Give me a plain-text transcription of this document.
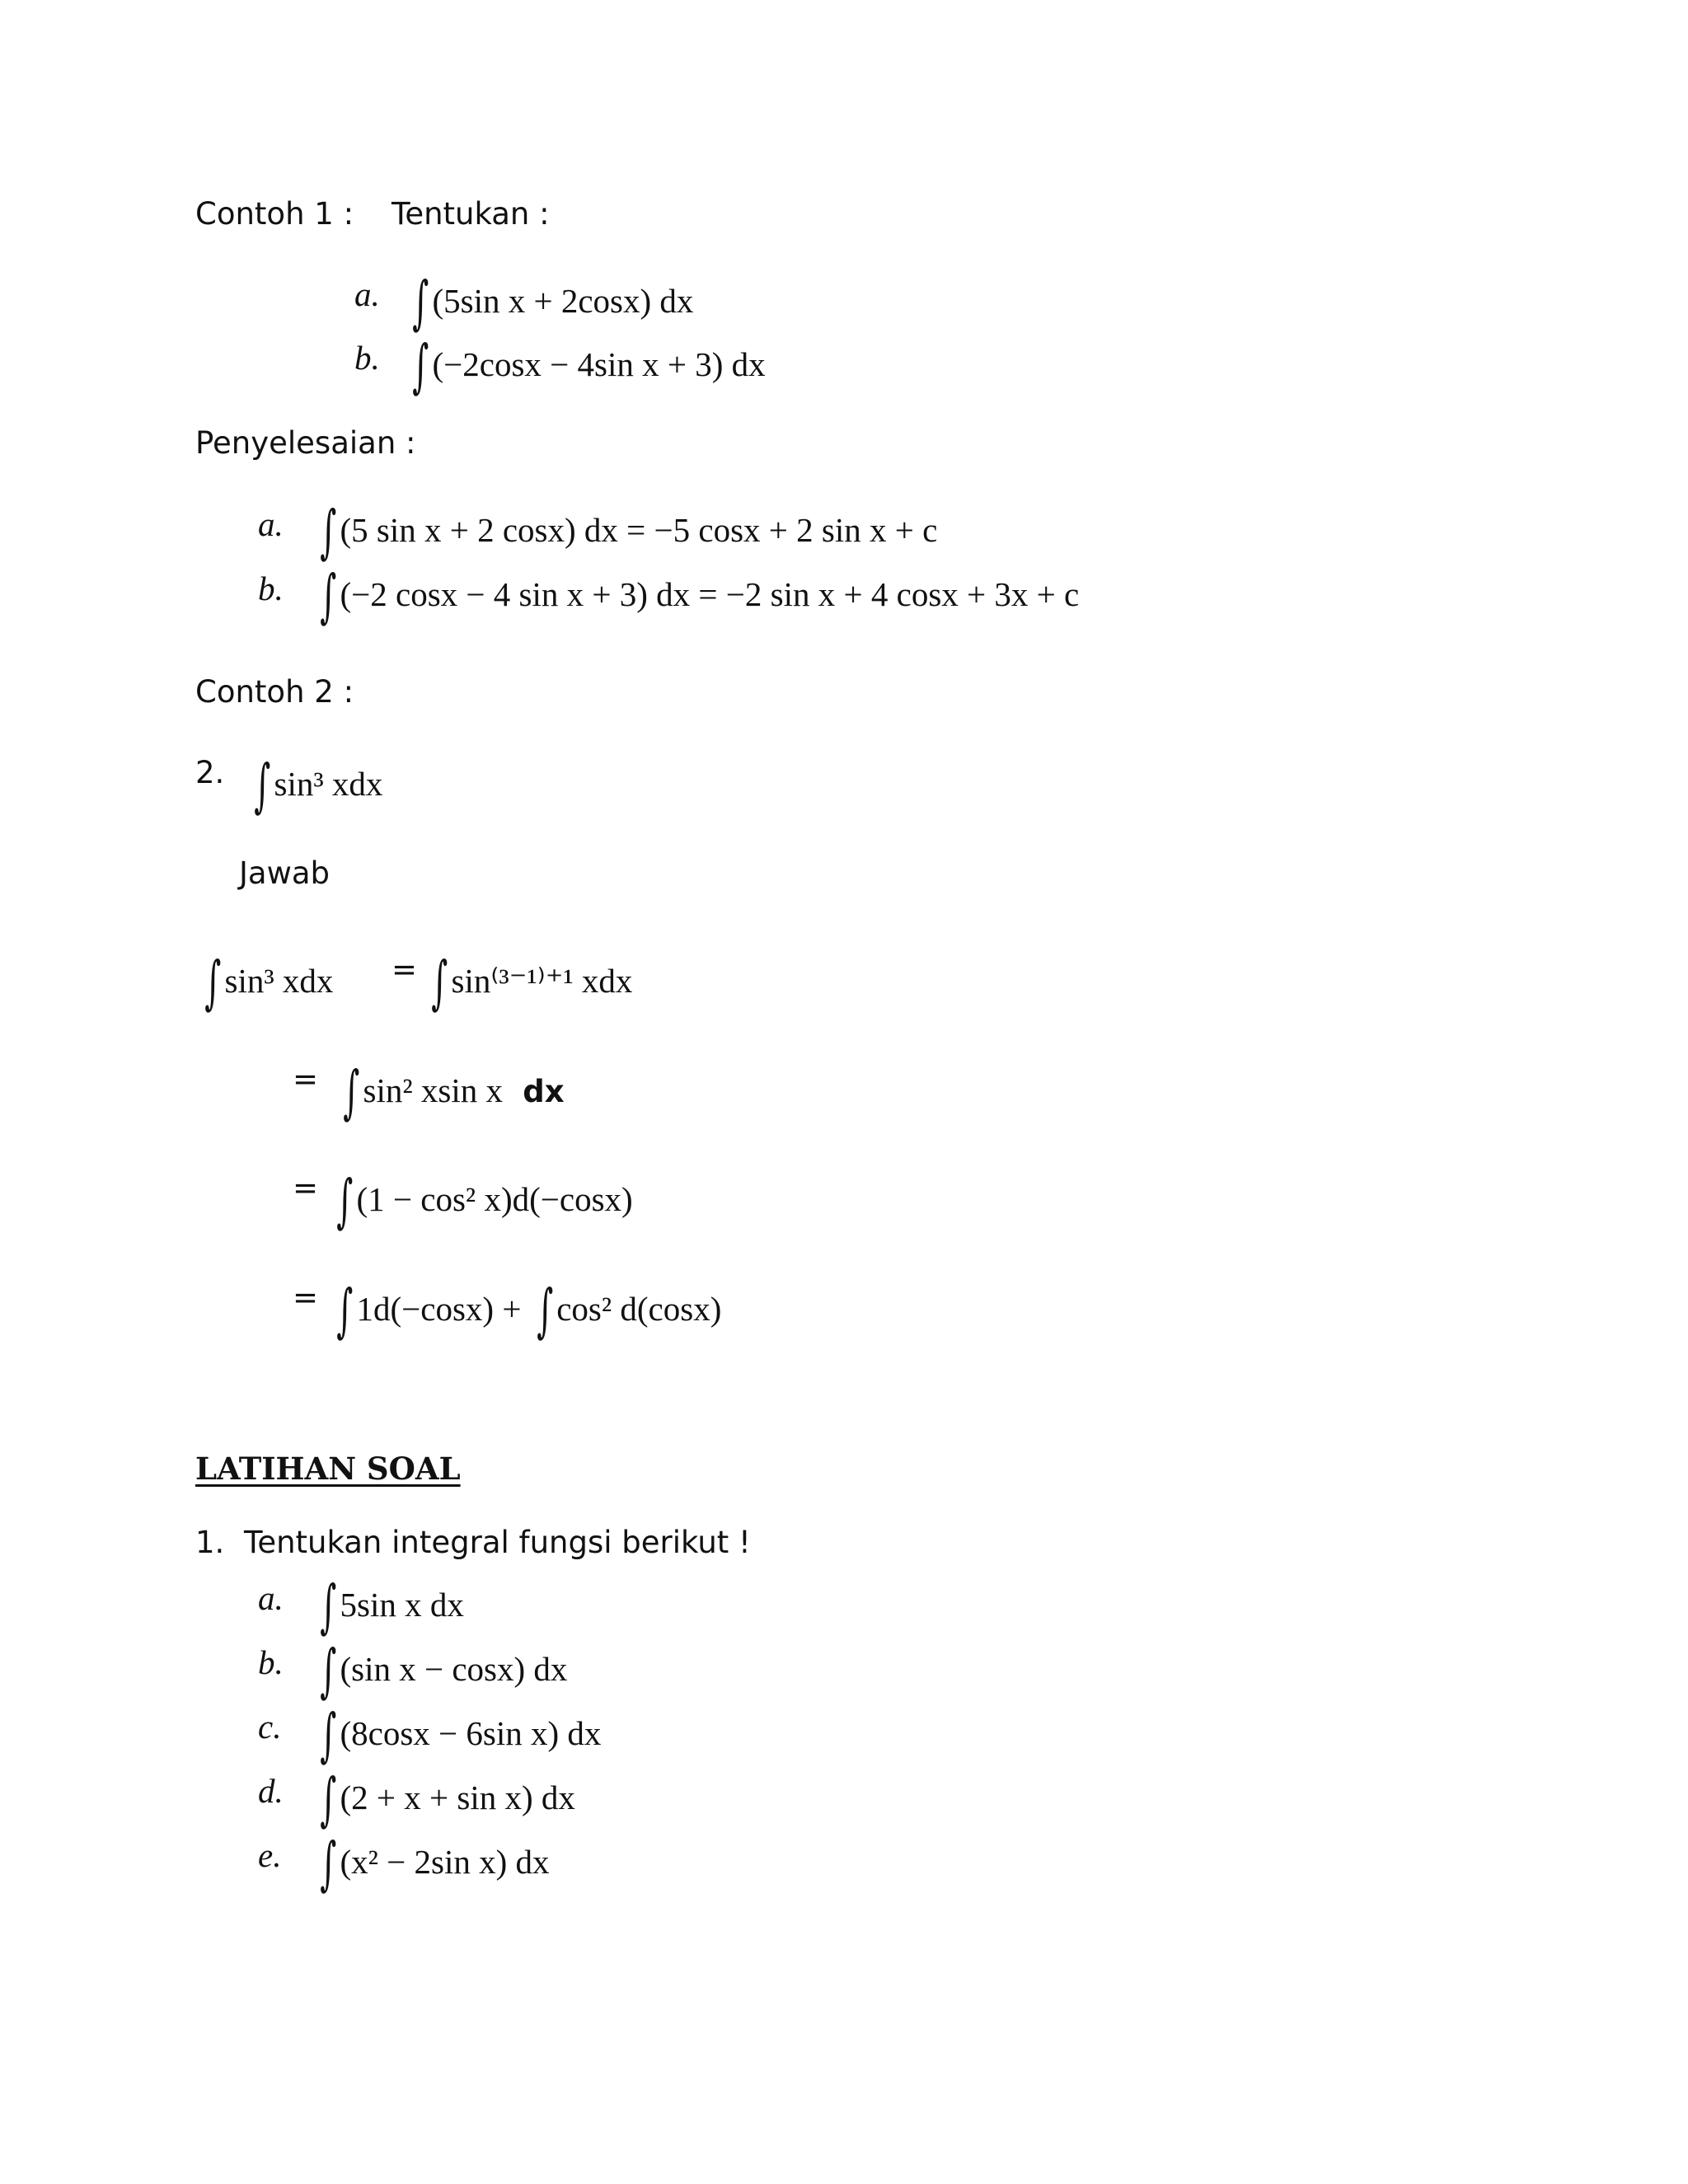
Contoh 1 : Tentukan :
a. ∫ (5sin x + 2cosx) dx
b. ∫ (−2cosx − 4sin x + 3) dx
Penyelesaian :
a. ∫ (5 sin x + 2 cosx) dx = −5 cosx + 2 sin x + c
b. ∫ (−2 cosx − 4 sin x + 3) dx = −2 sin x + 4 cosx + 3x + c
Contoh 2 :
2. ∫ sin³ xdx
Jawab
∫ sin³ xdx = ∫ sin⁽³⁻¹⁾⁺¹ xdx
= ∫ sin² xsin x dx
= ∫ (1 − cos² x)d(−cosx)
= ∫ 1d(−cosx) + ∫ cos² d(cosx)
LATIHAN SOAL
1. Tentukan integral fungsi berikut !
a. ∫ 5sin x dx
b. ∫ (sin x − cosx) dx
c. ∫ (8cosx − 6sin x) dx
d. ∫ (2 + x + sin x) dx
e. ∫ (x² − 2sin x) dx
